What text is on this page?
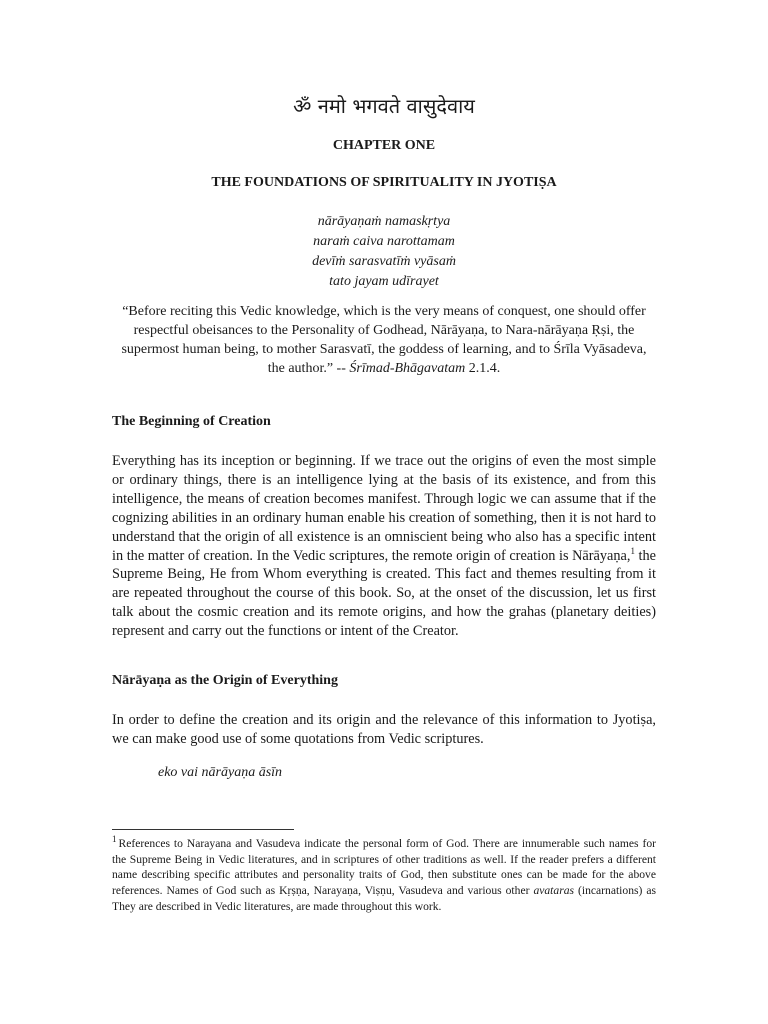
ॐ नमो भगवते वासुदेवाय
CHAPTER ONE
THE FOUNDATIONS OF SPIRITUALITY IN JYOTIṢA
nārāyaṇaṁ namaskṛtya
naraṁ caiva narottamam
devīṁ sarasvatīṁ vyāsaṁ
tato jayam udīrayet
“Before reciting this Vedic knowledge, which is the very means of conquest, one should offer respectful obeisances to the Personality of Godhead, Nārāyaṇa, to Nara-nārāyaṇa Ṛṣi, the supermost human being, to mother Sarasvatī, the goddess of learning, and to Śrīla Vyāsadeva, the author.” -- Śrīmad-Bhāgavatam 2.1.4.
The Beginning of Creation
Everything has its inception or beginning. If we trace out the origins of even the most simple or ordinary things, there is an intelligence lying at the basis of its existence, and from this intelligence, the means of creation becomes manifest. Through logic we can assume that if the cognizing abilities in an ordinary human enable his creation of something, then it is not hard to understand that the origin of all existence is an omniscient being who also has a specific intent in the matter of creation. In the Vedic scriptures, the remote origin of creation is Nārāyaṇa,$^1$ the Supreme Being, He from Whom everything is created. This fact and themes resulting from it are repeated throughout the course of this book. So, at the onset of the discussion, let us first talk about the cosmic creation and its remote origins, and how the grahas (planetary deities) represent and carry out the functions or intent of the Creator.
Nārāyaṇa as the Origin of Everything
In order to define the creation and its origin and the relevance of this information to Jyotiṣa, we can make good use of some quotations from Vedic scriptures.
eko vai nārāyaṇa āsīn
$^1$ References to Narayana and Vasudeva indicate the personal form of God. There are innumerable such names for the Supreme Being in Vedic literatures, and in scriptures of other traditions as well. If the reader prefers a different name describing specific attributes and personality traits of God, then substitute ones can be made for the above references. Names of God such as Kṛṣṇa, Narayaṇa, Viṣṇu, Vasudeva and various other avataras (incarnations) as They are described in Vedic literatures, are made throughout this work.
